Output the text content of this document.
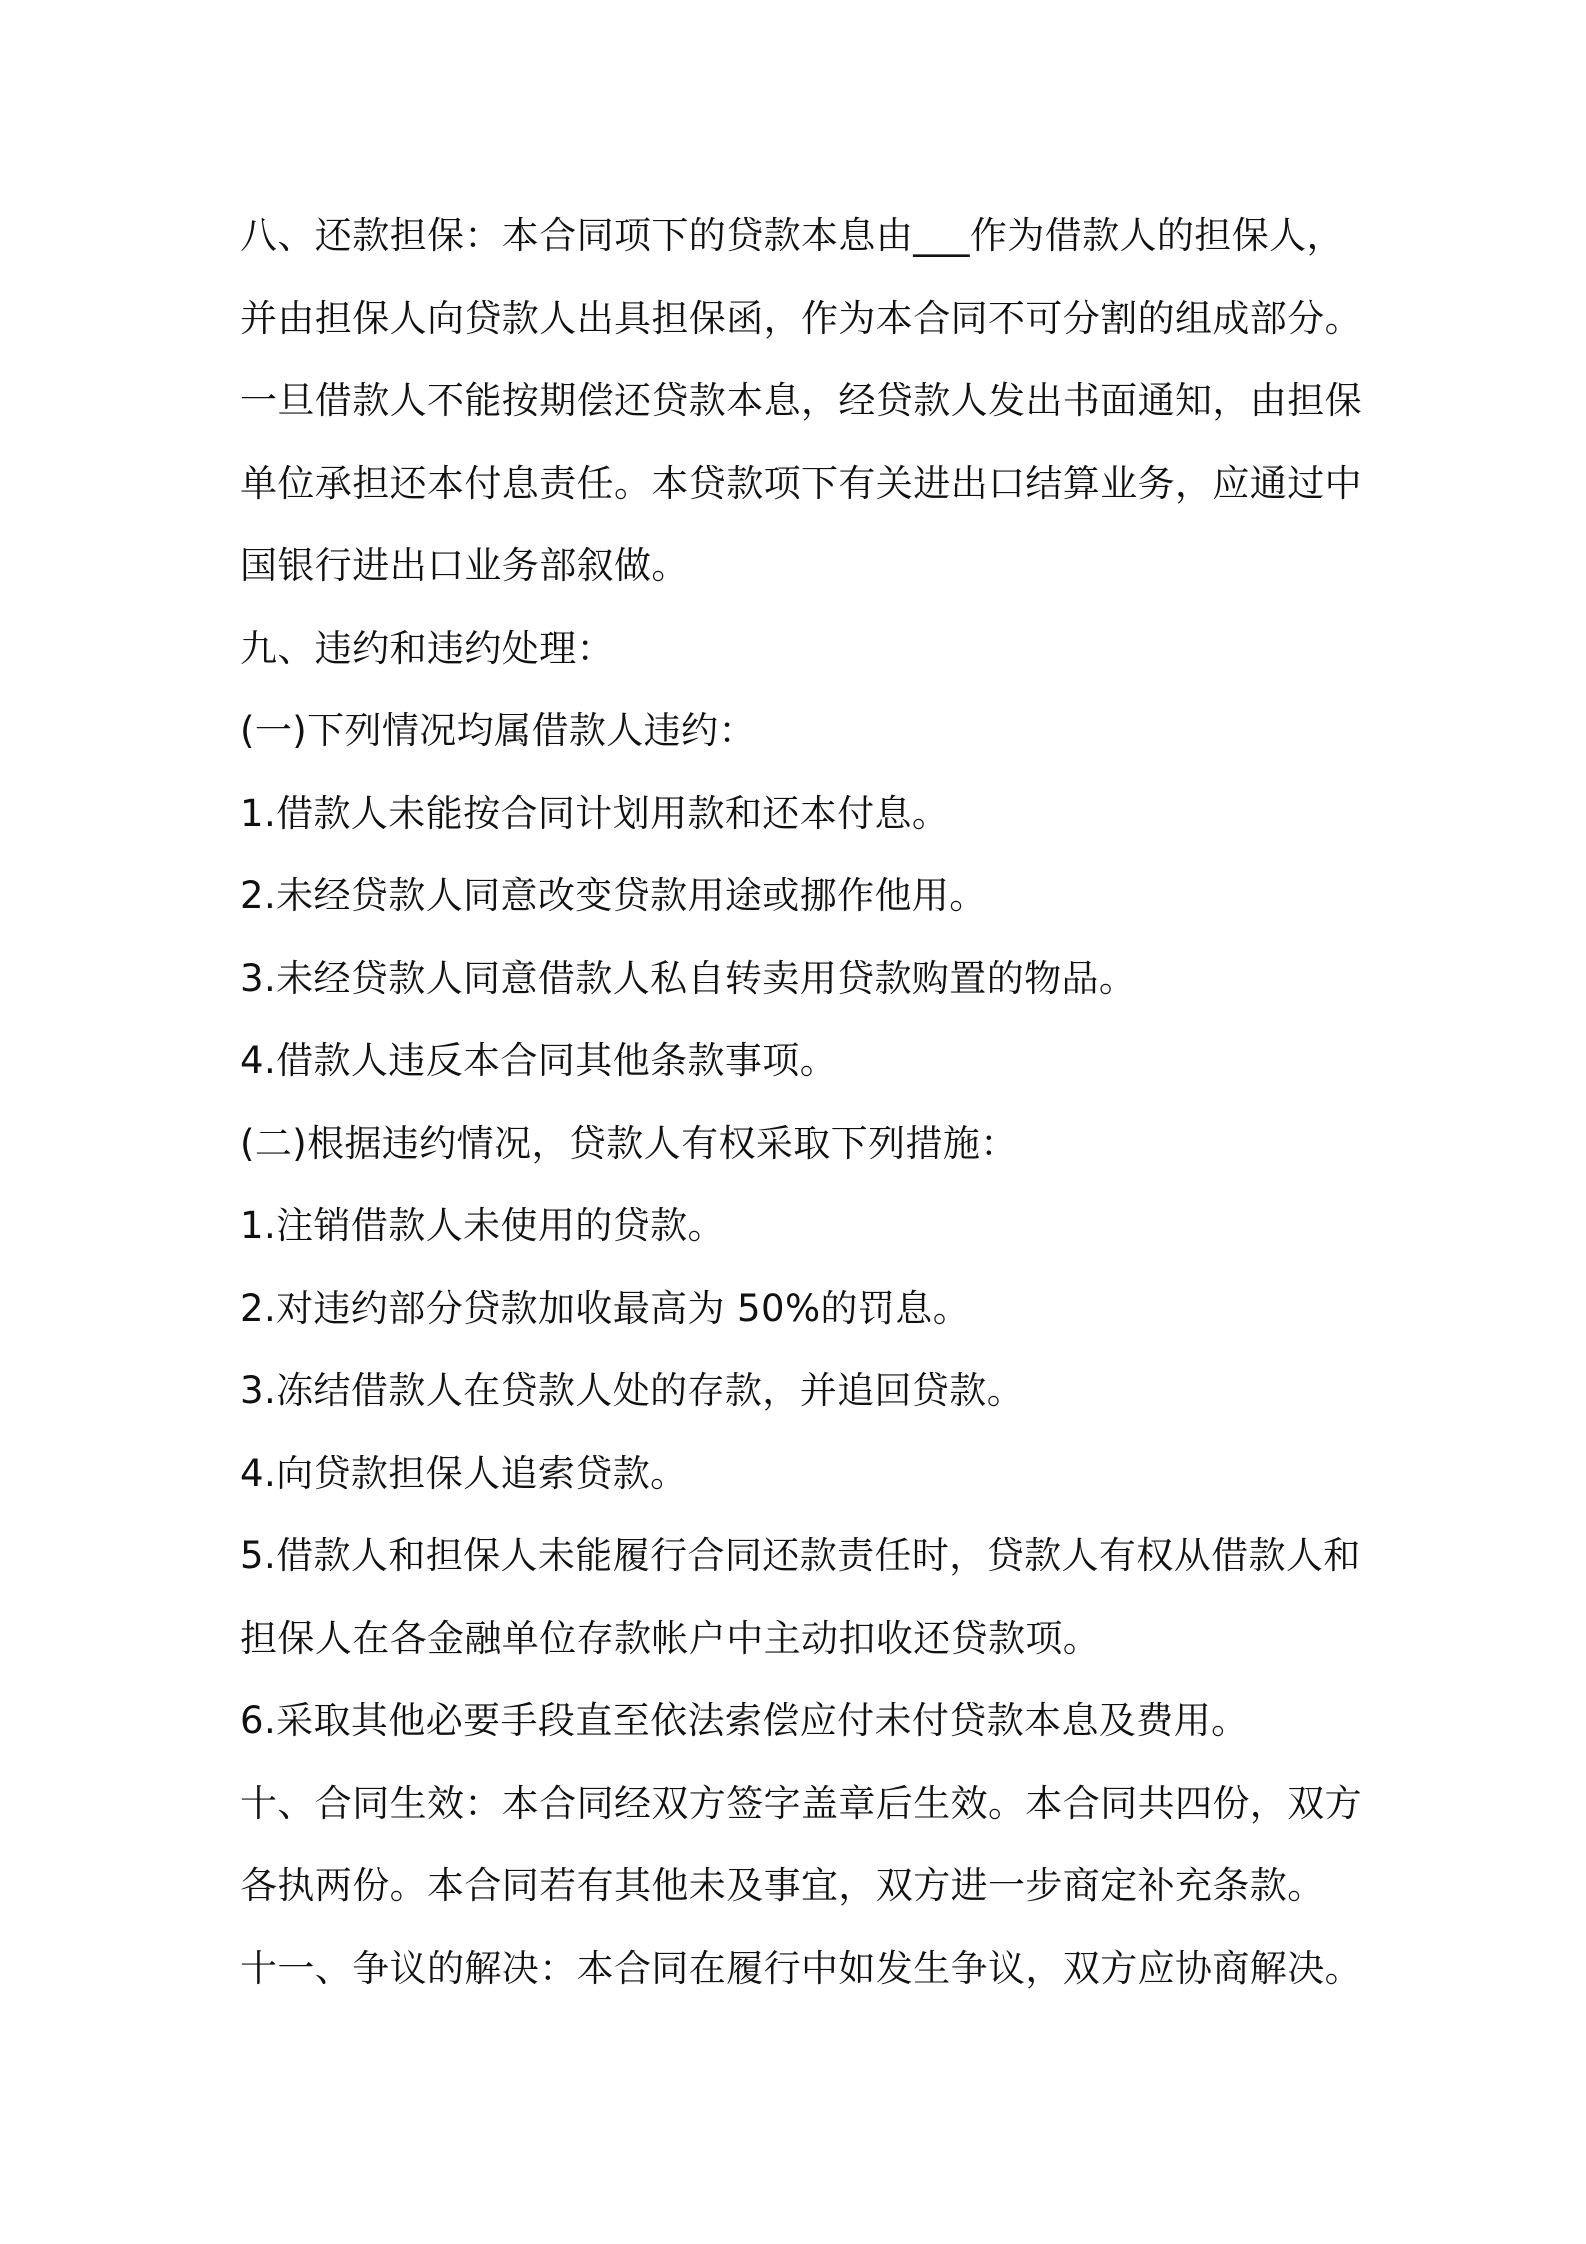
八、还款担保：本合同项下的贷款本息由___作为借款人的担保人，并由担保人向贷款人出具担保函，作为本合同不可分割的组成部分。一旦借款人不能按期偿还贷款本息，经贷款人发出书面通知，由担保单位承担还本付息责任。本贷款项下有关进出口结算业务，应通过中国银行进出口业务部叙做。

九、违约和违约处理：

(一)下列情况均属借款人违约：

1.借款人未能按合同计划用款和还本付息。

2.未经贷款人同意改变贷款用途或挪作他用。

3.未经贷款人同意借款人私自转卖用贷款购置的物品。

4.借款人违反本合同其他条款事项。

(二)根据违约情况，贷款人有权采取下列措施：

1.注销借款人未使用的贷款。

2.对违约部分贷款加收最高为 50%的罚息。

3.冻结借款人在贷款人处的存款，并追回贷款。

4.向贷款担保人追索贷款。

5.借款人和担保人未能履行合同还款责任时，贷款人有权从借款人和担保人在各金融单位存款帐户中主动扣收还贷款项。

6.采取其他必要手段直至依法索偿应付未付贷款本息及费用。

十、合同生效：本合同经双方签字盖章后生效。本合同共四份，双方各执两份。本合同若有其他未及事宜，双方进一步商定补充条款。

十一、争议的解决：本合同在履行中如发生争议，双方应协商解决。
